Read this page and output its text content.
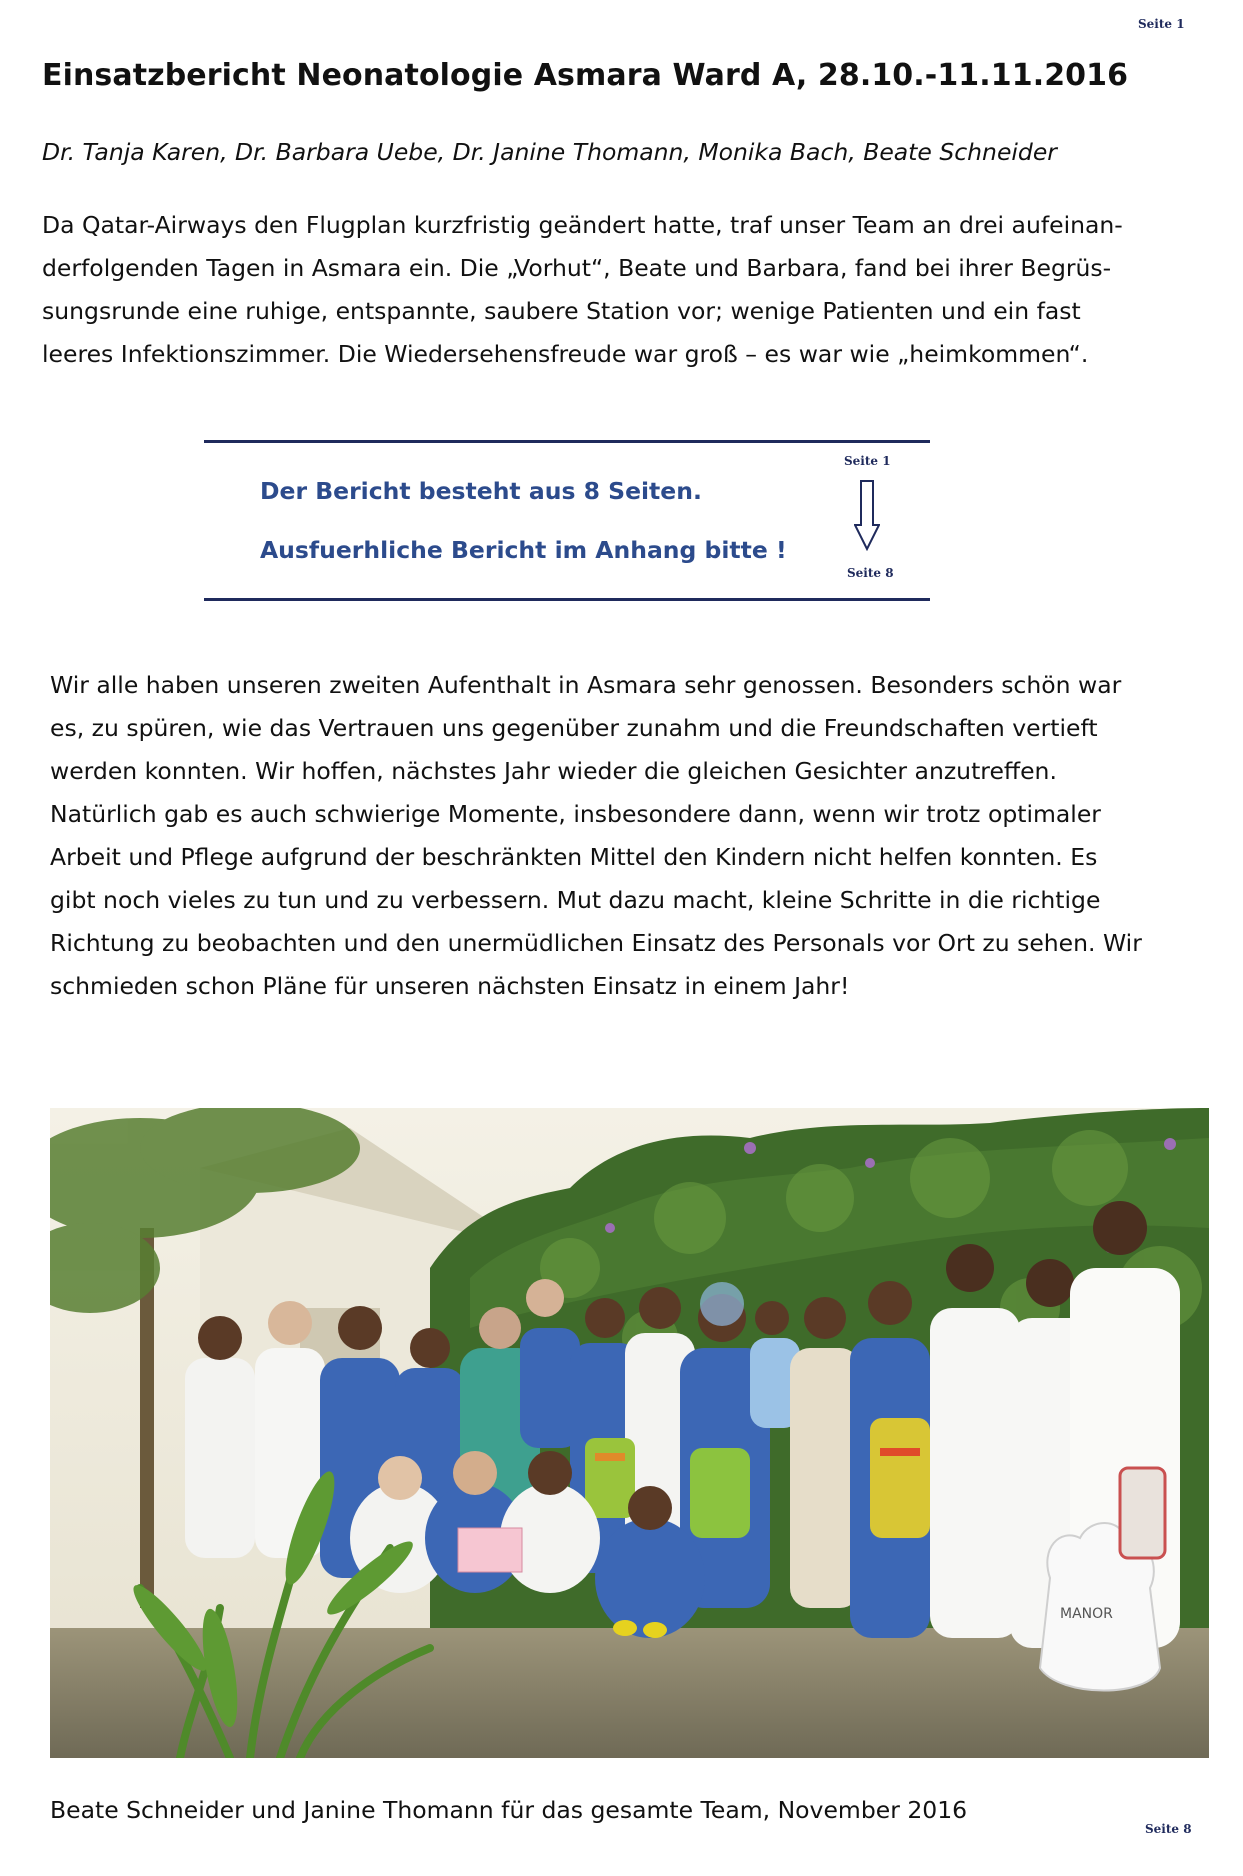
Seite 1
Einsatzbericht Neonatologie Asmara Ward A, 28.10.-11.11.2016
Dr. Tanja Karen, Dr. Barbara Uebe, Dr. Janine Thomann, Monika Bach, Beate Schneider
Da Qatar-Airways den Flugplan kurzfristig geändert hatte, traf unser Team an drei aufeinan-
derfolgenden Tagen in Asmara ein. Die „Vorhut“, Beate und Barbara, fand bei ihrer Begrüs-
sungsrunde eine ruhige, entspannte, saubere Station vor; wenige Patienten und ein fast
leeres Infektionszimmer. Die Wiedersehensfreude war groß – es war wie „heimkommen“.
Der Bericht besteht aus 8 Seiten.
Ausfuerhliche Bericht im Anhang bitte !
Seite 1
Seite 8
Wir alle haben unseren zweiten Aufenthalt in Asmara sehr genossen. Besonders schön war
es, zu spüren, wie das Vertrauen uns gegenüber zunahm und die Freundschaften vertieft
werden konnten. Wir hoffen, nächstes Jahr wieder die gleichen Gesichter anzutreffen.
Natürlich gab es auch schwierige Momente, insbesondere dann, wenn wir trotz optimaler
Arbeit und Pflege aufgrund der beschränkten Mittel den Kindern nicht helfen konnten. Es
gibt noch vieles zu tun und zu verbessern. Mut dazu macht, kleine Schritte in die richtige
Richtung zu beobachten und den unermüdlichen Einsatz des Personals vor Ort zu sehen. Wir
schmieden schon Pläne für unseren nächsten Einsatz in einem Jahr!
MANOR
Beate Schneider und Janine Thomann für das gesamte Team, November 2016
Seite 8
